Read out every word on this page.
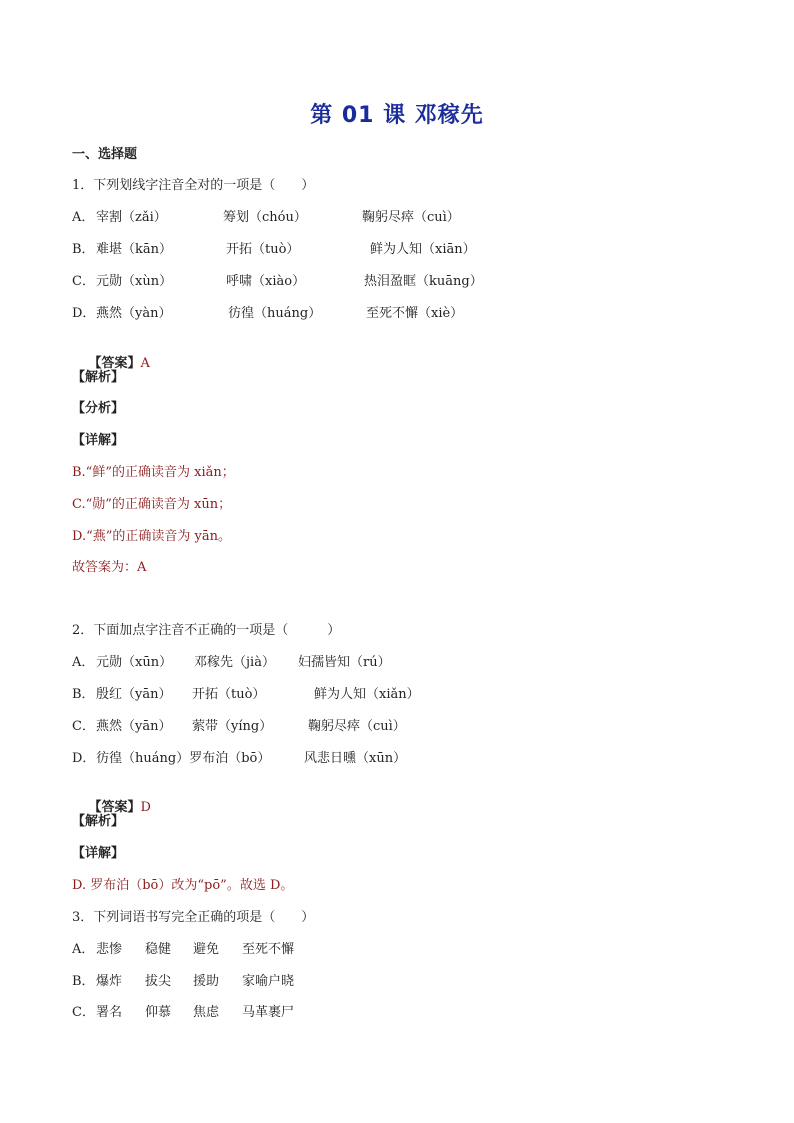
第 01 课 邓稼先
一、选择题
1．下列划线字注音全对的一项是（　　）
A． 宰割（zǎi）	筹划（chóu）	鞠躬尽瘁（cuì）
B． 难堪（kān）	开拓（tuò）	鲜为人知（xiān）
C． 元勋（xùn）	呼啸（xiào）	热泪盈眶（kuāng）
D． 燕然（yàn）	彷徨（huáng）	至死不懈（xiè）

【答案】A

【解析】
【分析】
【详解】
B.“鲜”的正确读音为 xiǎn；
C.“勋”的正确读音为 xūn；
D.“燕”的正确读音为 yān。
故答案为：A
2．下面加点字注音不正确的一项是（　　　）
A． 元勋（xūn） 邓稼先（jià） 妇孺皆知（rú）
B． 殷红（yān） 开拓（tuò）	鲜为人知（xiǎn）
C． 燕然（yān） 萦带（yíng）	鞠躬尽瘁（cuì）
D． 彷徨（huáng）罗布泊（bō）	风悲日曛（xūn）

【答案】D

【解析】
【详解】
D. 罗布泊（bō）改为“pō”。故选 D。
3．下列词语书写完全正确的项是（　　）
A． 悲惨 稳健 避免 至死不懈
B． 爆炸 拔尖 援助 家喻户晓
C． 署名 仰慕 焦虑 马革裹尸
